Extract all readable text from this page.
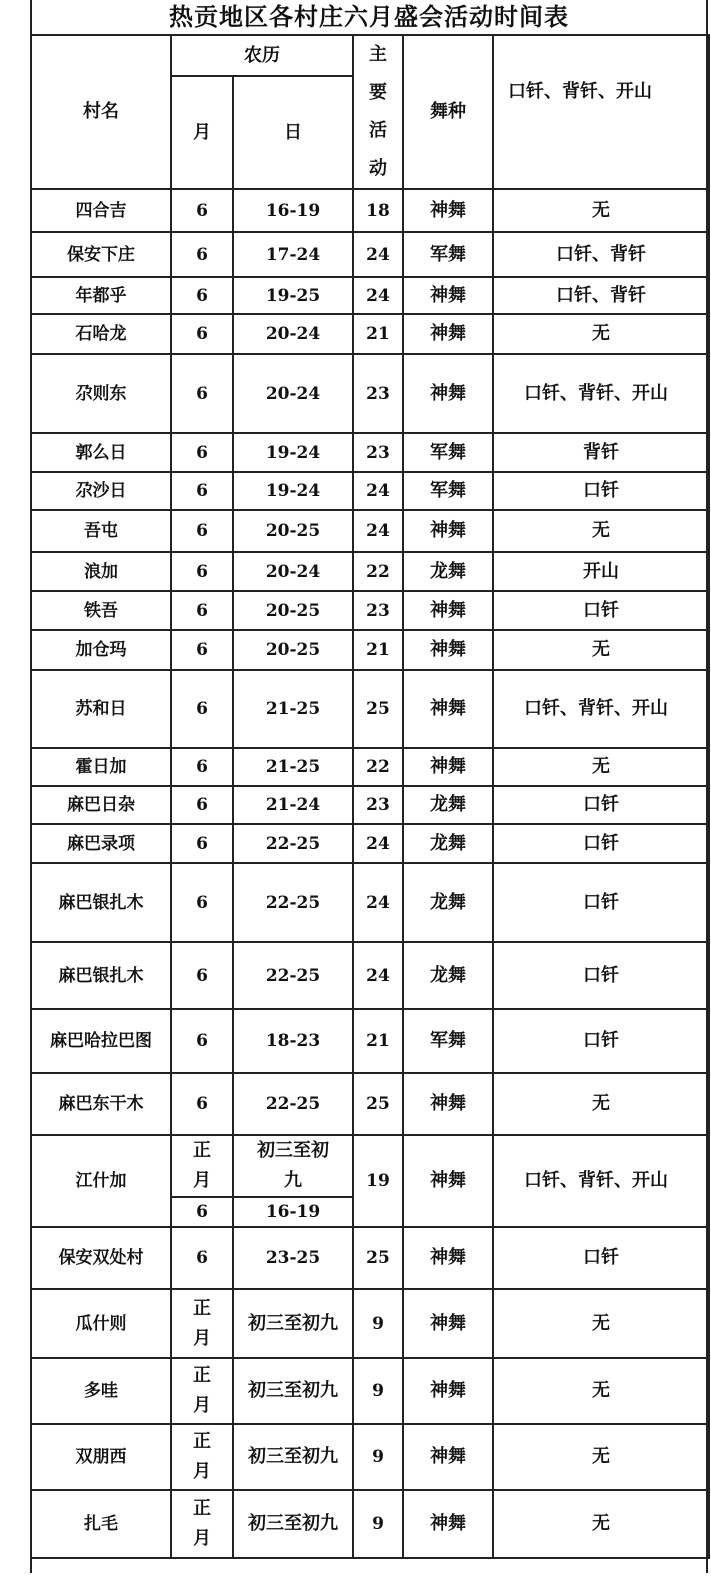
热贡地区各村庄六月盛会活动时间表
村名	农历		主要活动	舞种	口钎、背钎、开山

	月	日			
四合吉	6	16-19	18	神舞	无
保安下庄	6	17-24	24	军舞	口钎、背钎
年都乎	6	19-25	24	神舞	口钎、背钎
石哈龙	6	20-24	21	神舞	无
尕则东	6	20-24	23	神舞	口钎、背钎、开山
郭么日	6	19-24	23	军舞	背钎
尕沙日	6	19-24	24	军舞	口钎
吾屯	6	20-25	24	神舞	无
浪加	6	20-24	22	龙舞	开山
铁吾	6	20-25	23	神舞	口钎
加仓玛	6	20-25	21	神舞	无
苏和日	6	21-25	25	神舞	口钎、背钎、开山
霍日加	6	21-25	22	神舞	无
麻巴日杂	6	21-24	23	龙舞	口钎
麻巴录项	6	22-25	24	龙舞	口钎
麻巴银扎木	6	22-25	24	龙舞	口钎
麻巴银扎木	6	22-25	24	龙舞	口钎
麻巴哈拉巴图	6	18-23	21	军舞	口钎
麻巴东干木	6	22-25	25	神舞	无
江什加	正月	初三至初九	19	神舞	口钎、背钎、开山
	6	16-19			
保安双处村	6	23-25	25	神舞	口钎
瓜什则	正月	初三至初九	9	神舞	无
多哇	正月	初三至初九	9	神舞	无
双朋西	正月	初三至初九	9	神舞	无
扎毛	正月	初三至初九	9	神舞	无
